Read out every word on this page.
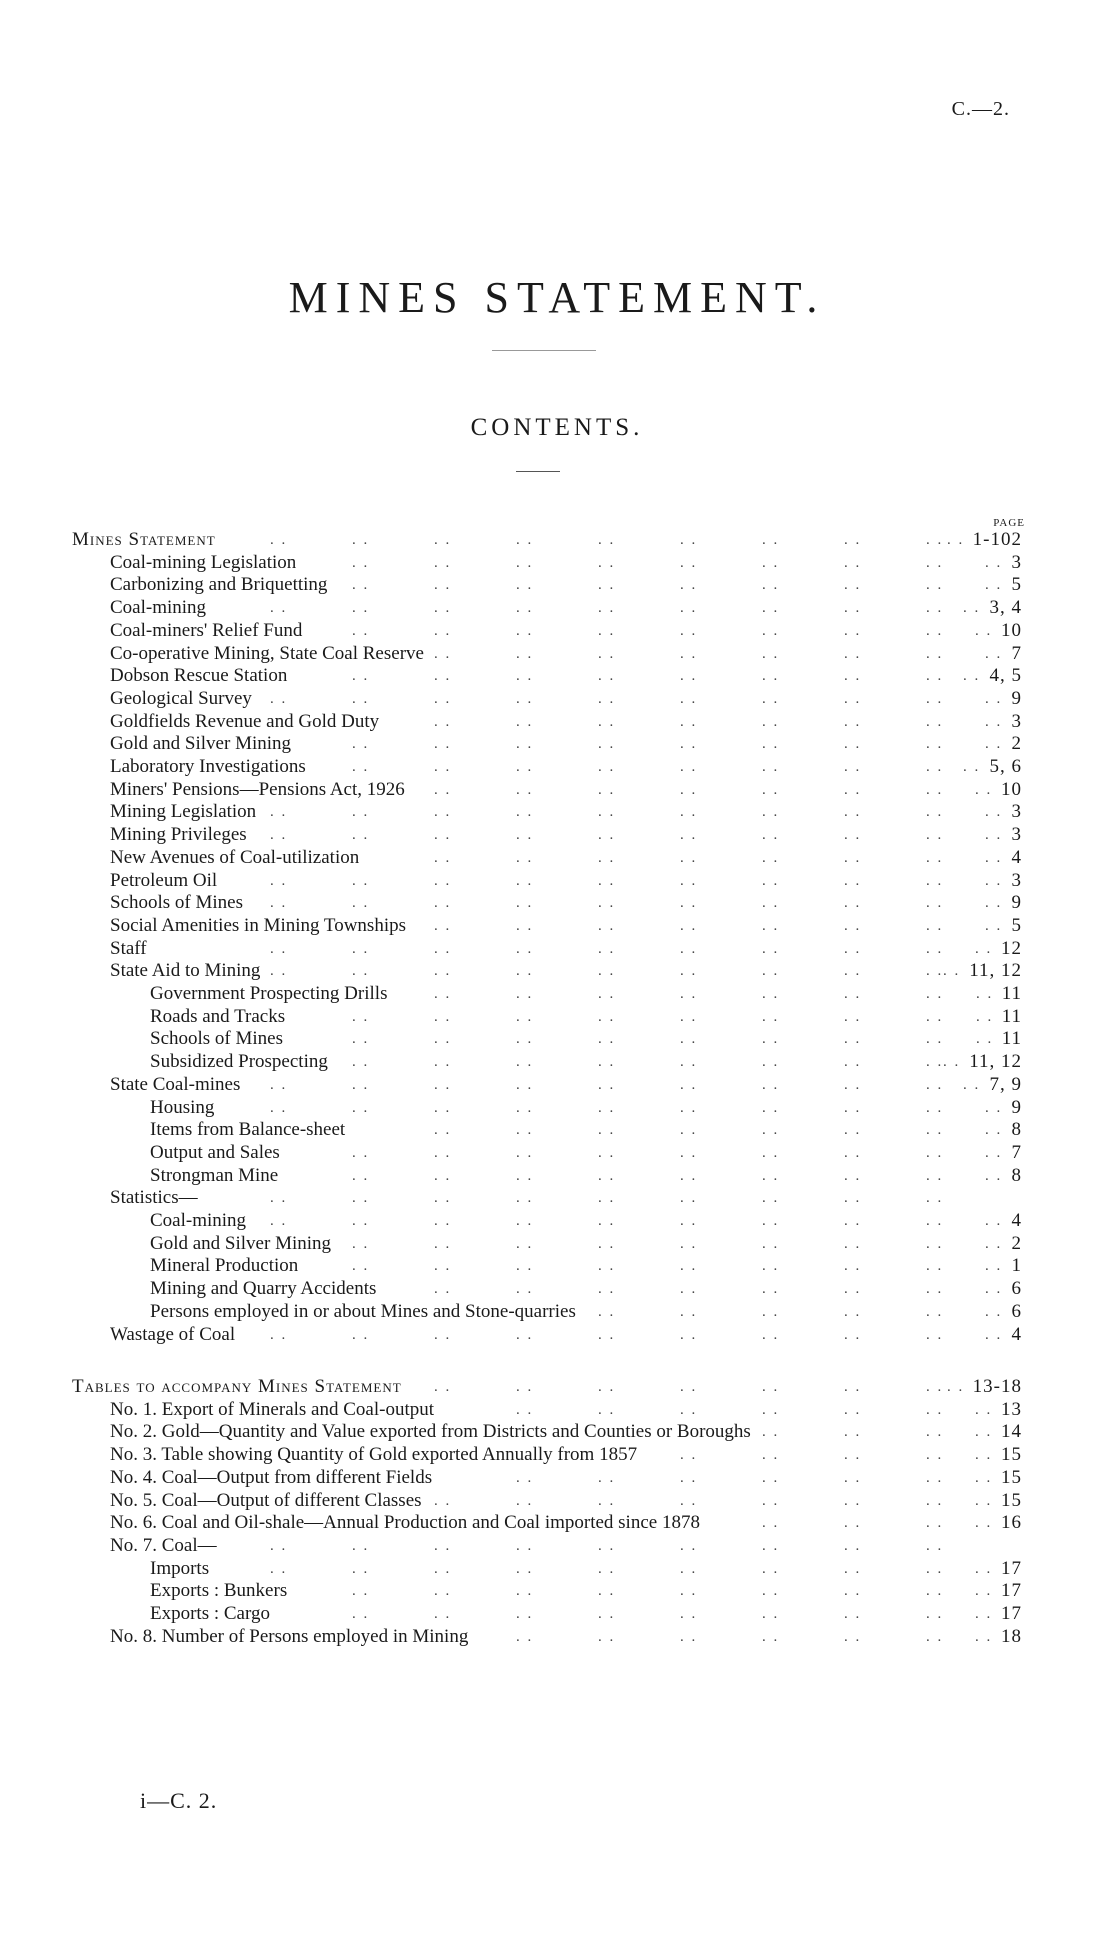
C.—2.
MINES STATEMENT.
CONTENTS.
PAGE
Mines Statement	1-102
. .	. .	. .	. .	. .	. .	. .	. .	. . . .
Coal-mining Legislation	3
. .	. .	. .	. .	. .	. .	. .	. .	. .
Carbonizing and Briquetting	5
. .	. .	. .	. .	. .	. .	. .	. .	. .
Coal-mining	3, 4
. .	. .	. .	. .	. .	. .	. .	. .	. . . .
Coal-miners' Relief Fund	10
. .	. .	. .	. .	. .	. .	. .	. . . .
Co-operative Mining, State Coal Reserve	7
. .	. .	. .	. .	. .	. .	. .	. .
Dobson Rescue Station	4, 5
. .	. .	. .	. .	. .	. .	. .	. . . .
Geological Survey	9
. .	. .	. .	. .	. .	. .	. .	. .	. .	. .
Goldfields Revenue and Gold Duty	3
. .	. .	. .	. .	. .	. .	. .	. .
Gold and Silver Mining	2
. .	. .	. .	. .	. .	. .	. .	. .	. .
Laboratory Investigations	5, 6
. .	. .	. .	. .	. .	. .	. .	. . . .
Miners' Pensions—Pensions Act, 1926	10
. .	. .	. .	. .	. .	. .	. . . .
Mining Legislation	3
. .	. .	. .	. .	. .	. .	. .	. .	. .	. .
Mining Privileges	3
. .	. .	. .	. .	. .	. .	. .	. .	. .	. .
New Avenues of Coal-utilization	4
. .	. .	. .	. .	. .	. .	. .	. .
Petroleum Oil	3
. .	. .	. .	. .	. .	. .	. .	. .	. .	. .
Schools of Mines	9
. .	. .	. .	. .	. .	. .	. .	. .	. .	. .
Social Amenities in Mining Townships	5
. .	. .	. .	. .	. .	. .	. .	. .
Staff	12
. .	. .	. .	. .	. .	. .	. .	. .	. . . .
State Aid to Mining	11, 12
. .	. .	. .	. .	. .	. .	. .	. .	. . . .
Government Prospecting Drills	11
. .	. .	. .	. .	. .	. .	. . . .
Roads and Tracks	11
. .	. .	. .	. .	. .	. .	. .	. . . .
Schools of Mines	11
. .	. .	. .	. .	. .	. .	. .	. . . .
Subsidized Prospecting	11, 12
. .	. .	. .	. .	. .	. .	. .	. . . .
State Coal-mines	7, 9
. .	. .	. .	. .	. .	. .	. .	. .	. . . .
Housing	9
. .	. .	. .	. .	. .	. .	. .	. .	. .	. .
Items from Balance-sheet	8
. .	. .	. .	. .	. .	. .	. .	. .
Output and Sales	7
. .	. .	. .	. .	. .	. .	. .	. .	. .
Strongman Mine	8
. .	. .	. .	. .	. .	. .	. .	. .	. .
Statistics—	. .	. .	. .	. .	. .	. .	. .	. .	. .
Coal-mining	4
. .	. .	. .	. .	. .	. .	. .	. .	. .	. .
Gold and Silver Mining	2
. .	. .	. .	. .	. .	. .	. .	. .	. .
Mineral Production	1
. .	. .	. .	. .	. .	. .	. .	. .	. .
Mining and Quarry Accidents	6
. .	. .	. .	. .	. .	. .	. .	. .
Persons employed in or about Mines and Stone-quarries	6
. .	. .	. .	. .	. .	. .
Wastage of Coal	4
. .	. .	. .	. .	. .	. .	. .	. .	. .	. .
Tables to accompany Mines Statement	13-18
. .	. .	. .	. .	. .	. .	. . . .
No. 1. Export of Minerals and Coal-output	13
. .	. .	. .	. .	. .	. . . .
No. 2. Gold—Quantity and Value exported from Districts and Counties or Boroughs	14
. .	. .	. . . .
No. 3. Table showing Quantity of Gold exported Annually from 1857	15
. .	. .	. .	. . . .
No. 4. Coal—Output from different Fields	15
. .	. .	. .	. .	. .	. . . .
No. 5. Coal—Output of different Classes	15
. .	. .	. .	. .	. .	. .	. . . .
No. 6. Coal and Oil-shale—Annual Production and Coal imported since 1878	16
. .	. .	. . . .
No. 7. Coal—	. .	. .	. .	. .	. .	. .	. .	. .	. .
Imports	17
. .	. .	. .	. .	. .	. .	. .	. .	. . . .
Exports : Bunkers	17
. .	. .	. .	. .	. .	. .	. .	. . . .
Exports : Cargo	17
. .	. .	. .	. .	. .	. .	. .	. . . .
No. 8. Number of Persons employed in Mining	18
. .	. .	. .	. .	. .	. . . .
i—C. 2.
